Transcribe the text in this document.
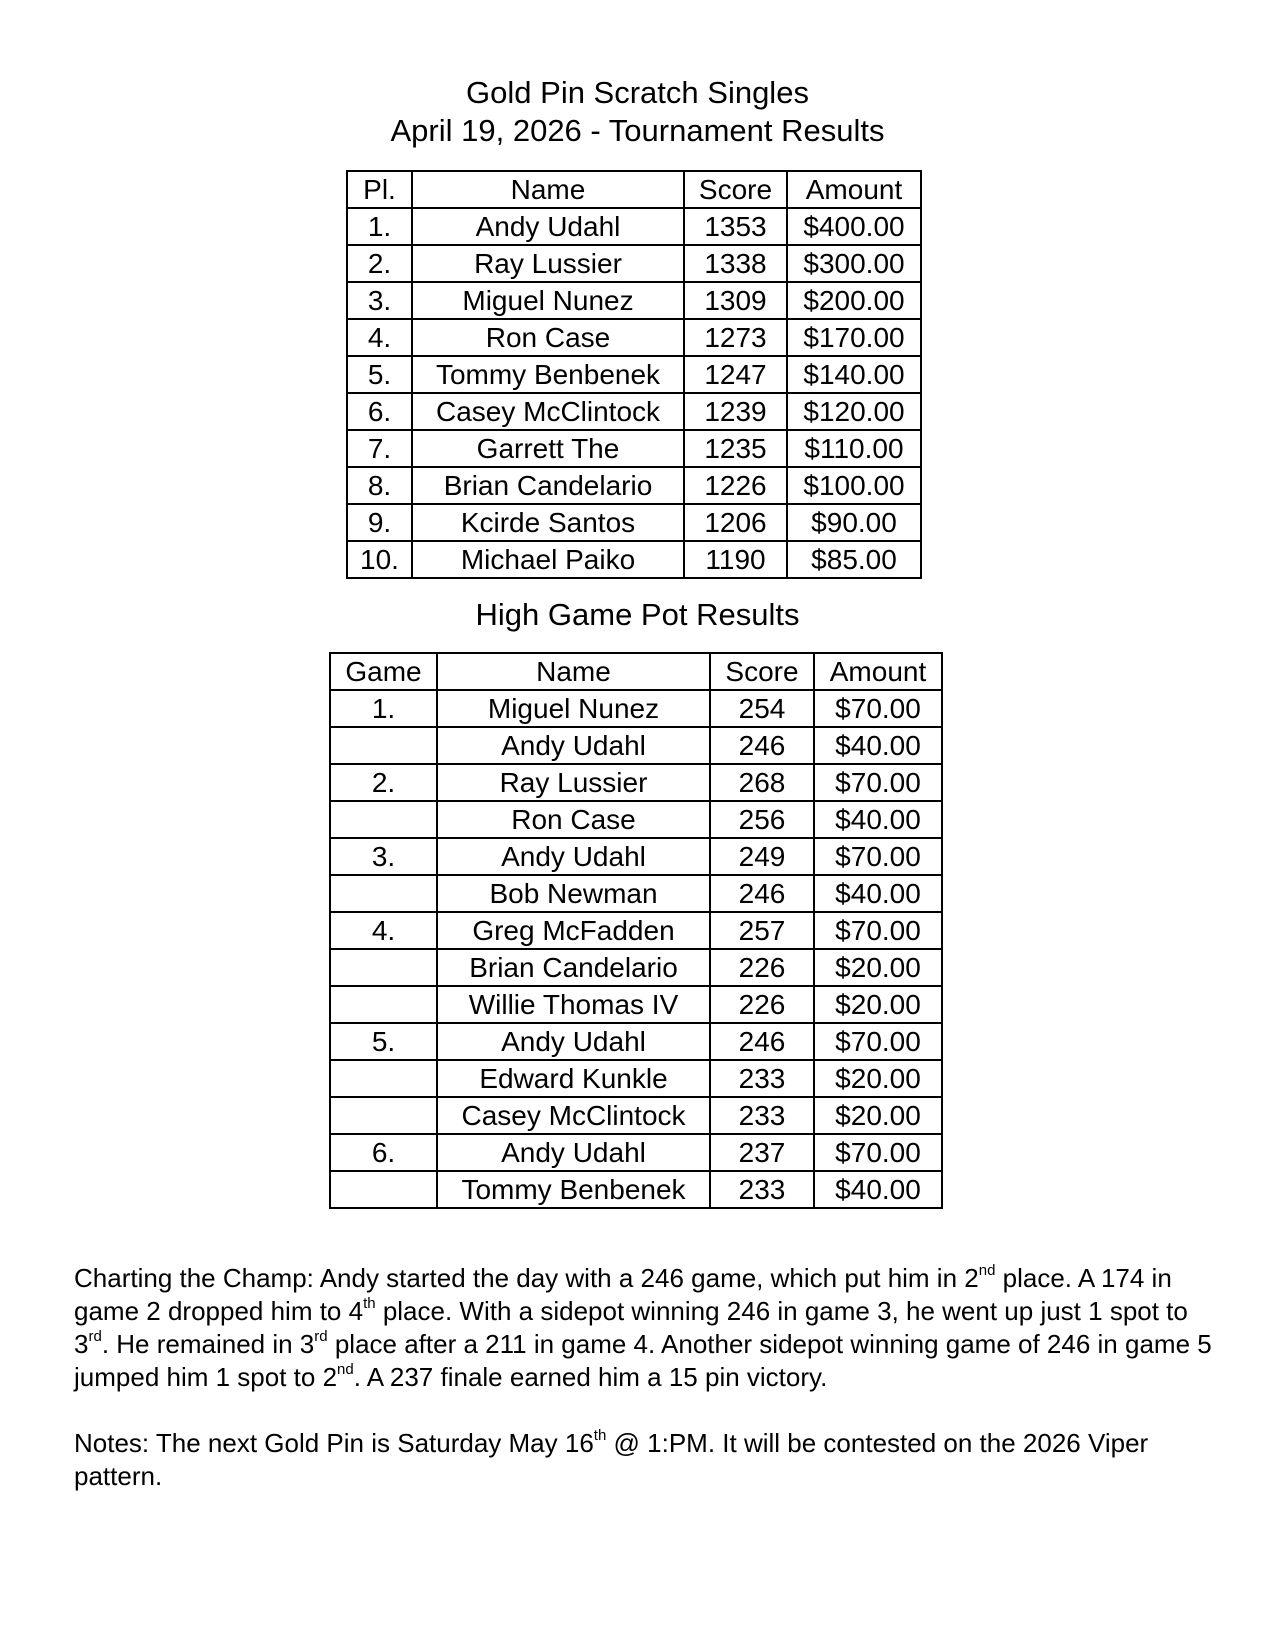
Gold Pin Scratch Singles
April 19, 2026 - Tournament Results
Pl.	Name	Score	Amount
1.	Andy Udahl	1353	$400.00
2.	Ray Lussier	1338	$300.00
3.	Miguel Nunez	1309	$200.00
4.	Ron Case	1273	$170.00
5.	Tommy Benbenek	1247	$140.00
6.	Casey McClintock	1239	$120.00
7.	Garrett The	1235	$110.00
8.	Brian Candelario	1226	$100.00
9.	Kcirde Santos	1206	$90.00
10.	Michael Paiko	1190	$85.00
High Game Pot Results
Game	Name	Score	Amount
1.	Miguel Nunez	254	$70.00
	Andy Udahl	246	$40.00
2.	Ray Lussier	268	$70.00
	Ron Case	256	$40.00
3.	Andy Udahl	249	$70.00
	Bob Newman	246	$40.00
4.	Greg McFadden	257	$70.00
	Brian Candelario	226	$20.00
	Willie Thomas IV	226	$20.00
5.	Andy Udahl	246	$70.00
	Edward Kunkle	233	$20.00
	Casey McClintock	233	$20.00
6.	Andy Udahl	237	$70.00
	Tommy Benbenek	233	$40.00
Charting the Champ: Andy started the day with a 246 game, which put him in 2nd place. A 174 in game 2 dropped him to 4th place. With a sidepot winning 246 in game 3, he went up just 1 spot to 3rd. He remained in 3rd place after a 211 in game 4. Another sidepot winning game of 246 in game 5 jumped him 1 spot to 2nd. A 237 finale earned him a 15 pin victory.
Notes: The next Gold Pin is Saturday May 16th @ 1:PM. It will be contested on the 2026 Viper pattern.
